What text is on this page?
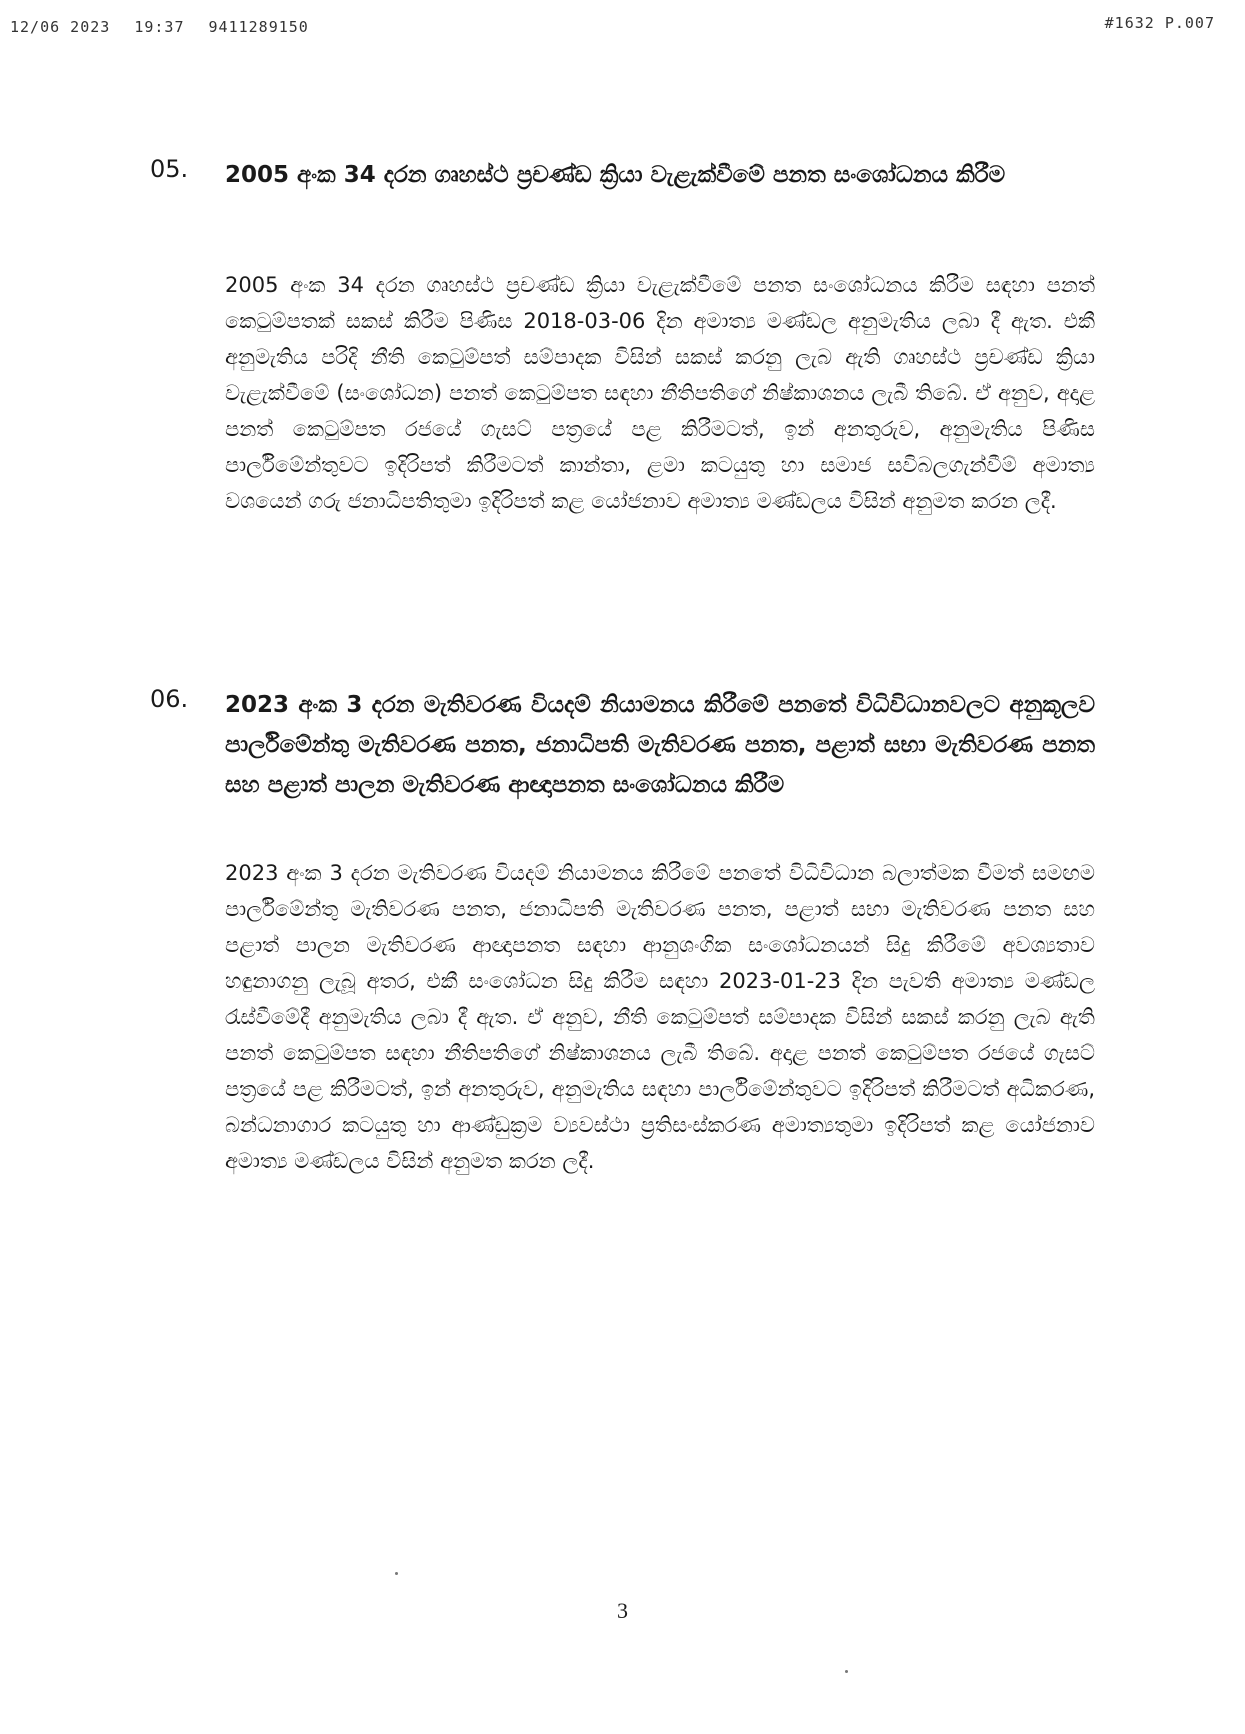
12/06 2023 19:37 9411289150	#1632 P.007
05. 2005 අංක 34 දරන ගෘහස්ථ ප්‍රචණ්ඩ ක්‍රියා වැළැක්වීමේ පනත සංශෝධනය කිරීම
2005 අංක 34 දරන ගෘහස්ථ ප්‍රචණ්ඩ ක්‍රියා වැළැක්වීමේ පනත සංශෝධනය කිරීම සඳහා පනත් කෙටුම්පතක් සකස් කිරීම පිණිස 2018-03-06 දින අමාත්‍ය මණ්ඩල අනුමැතිය ලබා දී ඇත. එකී අනුමැතිය පරිදි නීති කෙටුම්පත් සම්පාදක විසින් සකස් කරනු ලැබ ඇති ගෘහස්ථ ප්‍රචණ්ඩ ක්‍රියා වැළැක්වීමේ (සංශෝධන) පනත් කෙටුම්පත සඳහා නීතිපතිගේ නිෂ්කාශනය ලැබී තිබේ. ඒ අනුව, අදාළ පනත් කෙටුම්පත රජයේ ගැසට් පත්‍රයේ පළ කිරීමටත්, ඉන් අනතුරුව, අනුමැතිය පිණිස පාර්ලිමේන්තුවට ඉදිරිපත් කිරීමටත් කාන්තා, ළමා කටයුතු හා සමාජ සවිබලගැන්වීම් අමාත්‍ය වශයෙන් ගරු ජනාධිපතිතුමා ඉදිරිපත් කළ යෝජනාව අමාත්‍ය මණ්ඩලය විසින් අනුමත කරන ලදී.
06. 2023 අංක 3 දරන මැතිවරණ වියදම් නියාමනය කිරීමේ පනතේ විධිවිධානවලට අනුකූලව පාර්ලිමේන්තු මැතිවරණ පනත, ජනාධිපති මැතිවරණ පනත, පළාත් සභා මැතිවරණ පනත සහ පළාත් පාලන මැතිවරණ ආඥාපනත සංශෝධනය කිරීම
2023 අංක 3 දරන මැතිවරණ වියදම් නියාමනය කිරීමේ පනතේ විධිවිධාන බලාත්මක වීමත් සමඟම පාර්ලිමේන්තු මැතිවරණ පනත, ජනාධිපති මැතිවරණ පනත, පළාත් සභා මැතිවරණ පනත සහ පළාත් පාලන මැතිවරණ ආඥාපනත සඳහා ආනුශංගික සංශෝධනයන් සිදු කිරීමේ අවශ්‍යතාව හඳුනාගනු ලැබූ අතර, එකී සංශෝධන සිදු කිරීම සඳහා 2023-01-23 දින පැවති අමාත්‍ය මණ්ඩල රැස්වීමේදී අනුමැතිය ලබා දී ඇත. ඒ අනුව, නීති කෙටුම්පත් සම්පාදක විසින් සකස් කරනු ලැබ ඇති පනත් කෙටුම්පත සඳහා නීතිපතිගේ නිෂ්කාශනය ලැබී තිබේ. අදාළ පනත් කෙටුම්පත රජයේ ගැසට් පත්‍රයේ පළ කිරීමටත්, ඉන් අනතුරුව, අනුමැතිය සඳහා පාර්ලිමේන්තුවට ඉදිරිපත් කිරීමටත් අධිකරණ, බන්ධනාගාර කටයුතු හා ආණ්ඩුක්‍රම ව්‍යවස්ථා ප්‍රතිසංස්කරණ අමාත්‍යතුමා ඉදිරිපත් කළ යෝජනාව අමාත්‍ය මණ්ඩලය විසින් අනුමත කරන ලදී.
3
